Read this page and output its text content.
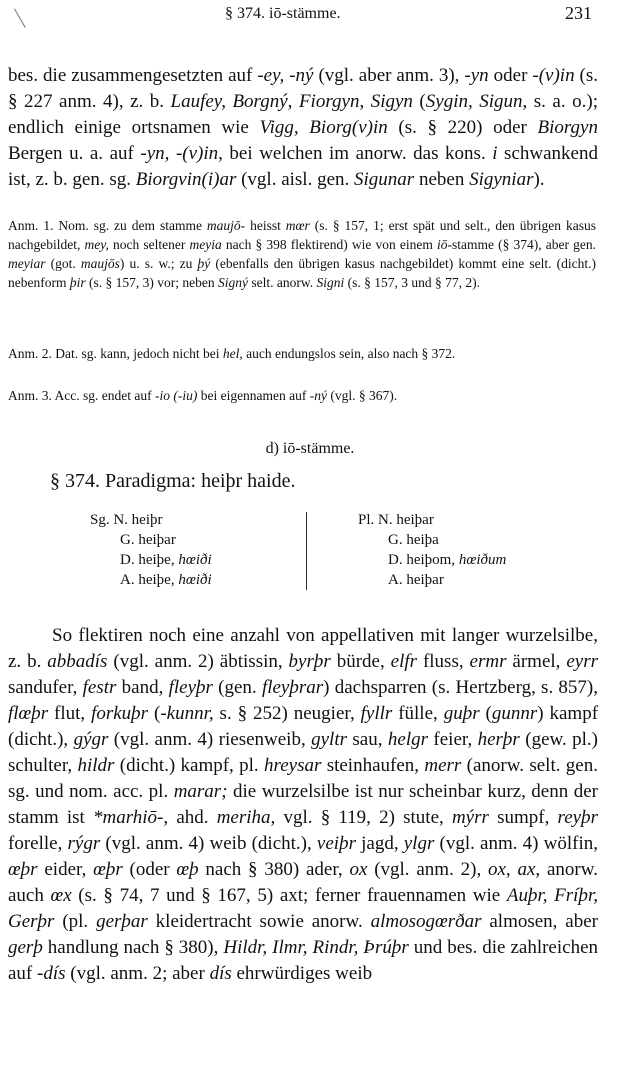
§ 374. iō-stämme.	231

bes. die zusammengesetzten auf -ey, -ný (vgl. aber anm. 3), -yn oder -(v)in (s. § 227 anm. 4), z. b. Laufey, Borgný, Fiorgyn, Sigyn (Sygin, Sigun, s. a. o.); endlich einige ortsnamen wie Vigg, Biorg(v)in (s. § 220) oder Biorgyn Bergen u. a. auf -yn, -(v)in, bei welchen im anorw. das kons. i schwankend ist, z. b. gen. sg. Biorgvin(i)ar (vgl. aisl. gen. Sigunar neben Sigyniar).

Anm. 1. Nom. sg. zu dem stamme maujō- heisst mœr (s. § 157, 1; erst spät und selt., den übrigen kasus nachgebildet, mey, noch seltener meyia nach § 398 flektirend) wie von einem iō-stamme (§ 374), aber gen. meyiar (got. maujōs) u. s. w.; zu þý (ebenfalls den übrigen kasus nachgebildet) kommt eine selt. (dicht.) nebenform þir (s. § 157, 3) vor; neben Signý selt. anorw. Signi (s. § 157, 3 und § 77, 2).

Anm. 2. Dat. sg. kann, jedoch nicht bei hel, auch endungslos sein, also nach § 372.

Anm. 3. Acc. sg. endet auf -io (-iu) bei eigennamen auf -ný (vgl. § 367).

d) iō-stämme.
§ 374. Paradigma: heiþr haide.
Sg. N. heiþr
G. heiþar
D. heiþe, hœiði
A. heiþe, hœiði
Pl. N. heiþar
G. heiþa
D. heiþom, hœiðum
A. heiþar

So flektiren noch eine anzahl von appellativen mit langer wurzelsilbe, z. b. abbadís (vgl. anm. 2) äbtissin, byrþr bürde, elfr fluss, ermr ärmel, eyrr sandufer, festr band, fleyþr (gen. fleyþrar) dachsparren (s. Hertzberg, s. 857), flœþr flut, forkuþr (-kunnr, s. § 252) neugier, fyllr fülle, guþr (gunnr) kampf (dicht.), gýgr (vgl. anm. 4) riesenweib, gyltr sau, helgr feier, herþr (gew. pl.) schulter, hildr (dicht.) kampf, pl. hreysar steinhaufen, merr (anorw. selt. gen. sg. und nom. acc. pl. marar; die wurzelsilbe ist nur scheinbar kurz, denn der stamm ist *marhiō-, ahd. meriha, vgl. § 119, 2) stute, mýrr sumpf, reyþr forelle, rýgr (vgl. anm. 4) weib (dicht.), veiþr jagd, ylgr (vgl. anm. 4) wölfin, œþr eider, œþr (oder œþ nach § 380) ader, ox (vgl. anm. 2), ox, ax, anorw. auch œx (s. § 74, 7 und § 167, 5) axt; ferner frauennamen wie Auþr, Fríþr, Gerþr (pl. gerþar kleidertracht sowie anorw. almosogœrðar almosen, aber gerþ handlung nach § 380), Hildr, Ilmr, Rindr, Þrúþr und bes. die zahlreichen auf -dís (vgl. anm. 2; aber dís ehrwürdiges weib
